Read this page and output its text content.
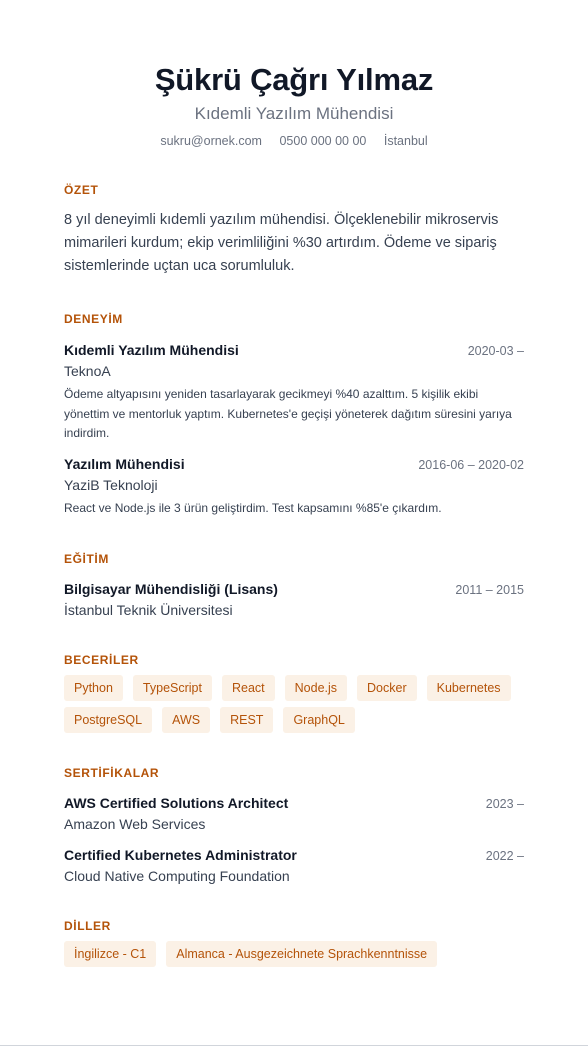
Şükrü Çağrı Yılmaz
Kıdemli Yazılım Mühendisi
sukru@ornek.com 0500 000 00 00 İstanbul
ÖZET
8 yıl deneyimli kıdemli yazılım mühendisi. Ölçeklenebilir mikroservis mimarileri kurdum; ekip verimliliğini %30 artırdım. Ödeme ve sipariş sistemlerinde uçtan uca sorumluluk.
DENEYİM
Kıdemli Yazılım Mühendisi	2020-03 –
TeknoA
Ödeme altyapısını yeniden tasarlayarak gecikmeyi %40 azalttım. 5 kişilik ekibi yönettim ve mentorluk yaptım. Kubernetes'e geçişi yöneterek dağıtım süresini yarıya indirdim.
Yazılım Mühendisi	2016-06 – 2020-02
YaziB Teknoloji
React ve Node.js ile 3 ürün geliştirdim. Test kapsamını %85'e çıkardım.
EĞİTİM
Bilgisayar Mühendisliği (Lisans)	2011 – 2015
İstanbul Teknik Üniversitesi
BECERİLER
Python	TypeScript	React	Node.js	Docker	Kubernetes
PostgreSQL	AWS	REST	GraphQL
SERTİFİKALAR
AWS Certified Solutions Architect	2023 –
Amazon Web Services
Certified Kubernetes Administrator	2022 –
Cloud Native Computing Foundation
DİLLER
İngilizce - C1	Almanca - Ausgezeichnete Sprachkenntnisse
